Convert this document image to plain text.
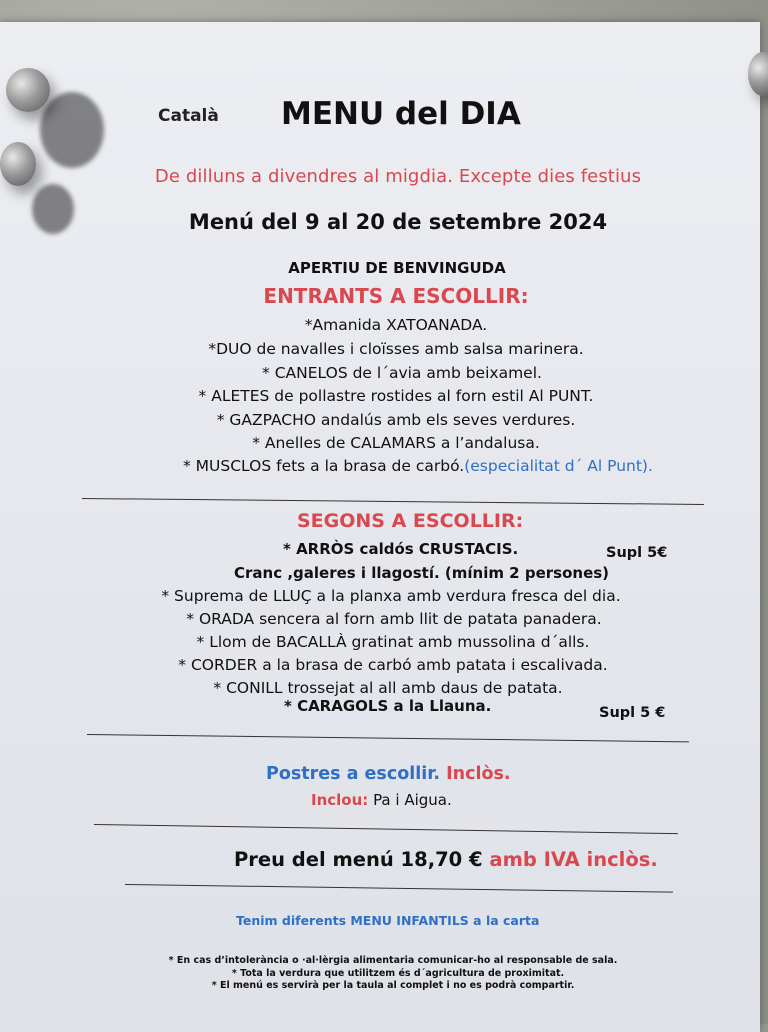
Català MENU del DIA
De dilluns a divendres al migdia. Excepte dies festius
Menú del 9 al 20 de setembre 2024
APERTIU DE BENVINGUDA
ENTRANTS A ESCOLLIR:
*Amanida XATOANADA.
*DUO de navalles i cloïsses amb salsa marinera.
* CANELOS de l´avia amb beixamel.
* ALETES de pollastre rostides al forn estil Al PUNT.
* GAZPACHO andalús amb els seves verdures.
* Anelles de CALAMARS a l’andalusa.
* MUSCLOS fets a la brasa de carbó.(especialitat d´ Al Punt).
SEGONS A ESCOLLIR:
* ARRÒS caldós CRUSTACIS.	Supl 5€
Cranc ,galeres i llagostí. (mínim 2 persones)
* Suprema de LLUÇ a la planxa amb verdura fresca del dia.
* ORADA sencera al forn amb llit de patata panadera.
* Llom de BACALLÀ gratinat amb mussolina d´alls.
* CORDER a la brasa de carbó amb patata i escalivada.
* CONILL trossejat al all amb daus de patata.
* CARAGOLS a la Llauna.	Supl 5 €
Postres a escollir. Inclòs.
Inclou: Pa i Aigua.
Preu del menú 18,70 € amb IVA inclòs.
Tenim diferents MENU INFANTILS a la carta
* En cas d’intolerància o ·al·lèrgia alimentaria comunicar-ho al responsable de sala.
* Tota la verdura que utilitzem és d´agricultura de proximitat.
* El menú es servirà per la taula al complet i no es podrà compartir.
